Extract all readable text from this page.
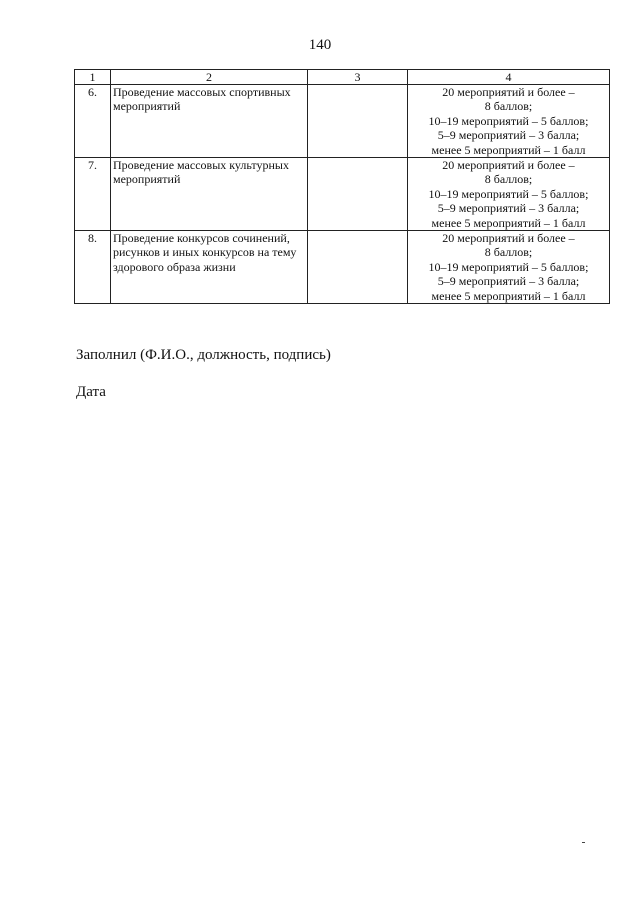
140
1	2	3	4
6.	Проведение массовых спортивных мероприятий		20 мероприятий и более –
8 баллов;
10–19 мероприятий – 5 баллов;
5–9 мероприятий – 3 балла;
менее 5 мероприятий – 1 балл

7.	Проведение массовых культурных мероприятий		20 мероприятий и более –
8 баллов;
10–19 мероприятий – 5 баллов;
5–9 мероприятий – 3 балла;
менее 5 мероприятий – 1 балл

8.	Проведение конкурсов сочинений, рисунков и иных конкурсов на тему здорового образа жизни		20 мероприятий и более –
8 баллов;
10–19 мероприятий – 5 баллов;
5–9 мероприятий – 3 балла;
менее 5 мероприятий – 1 балл
Заполнил (Ф.И.О., должность, подпись)
Дата
